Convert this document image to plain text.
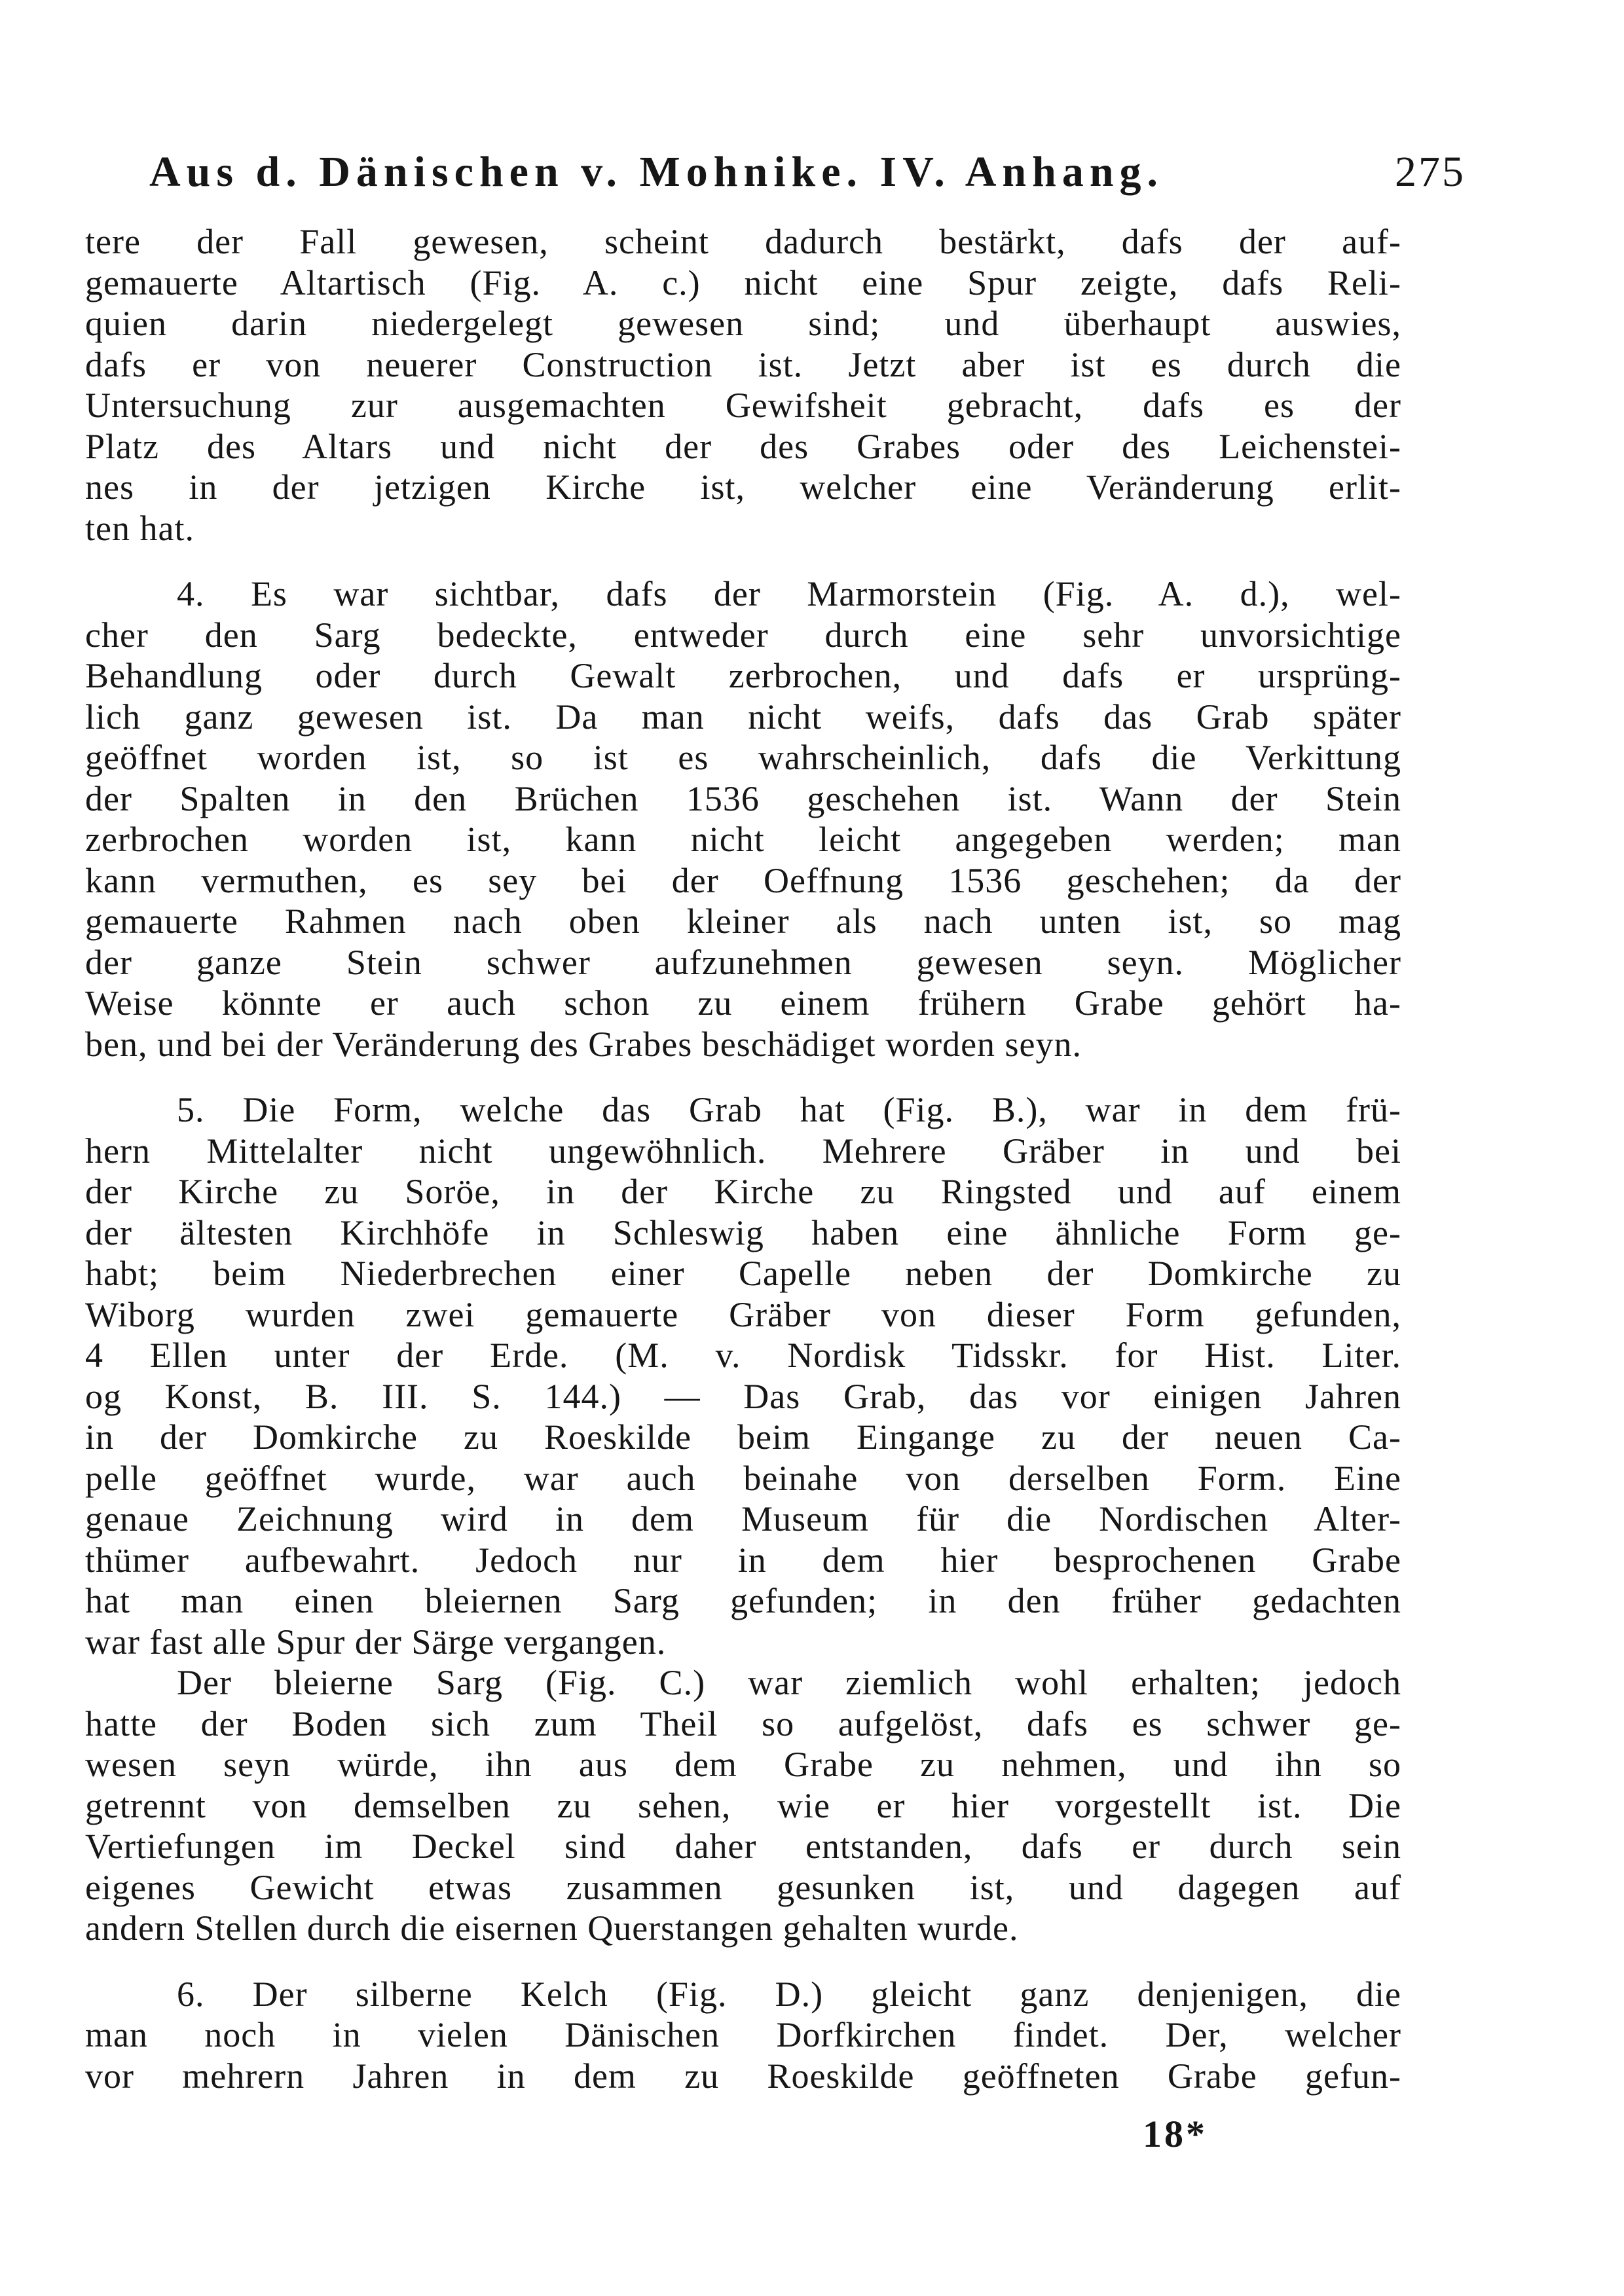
Aus d. Dänischen v. Mohnike. IV. Anhang.	275
tere der Fall gewesen, scheint dadurch bestärkt, dafs der auf-
gemauerte Altartisch (Fig. A. c.) nicht eine Spur zeigte, dafs Reli-
quien darin niedergelegt gewesen sind; und überhaupt auswies,
dafs er von neuerer Construction ist. Jetzt aber ist es durch die
Untersuchung zur ausgemachten Gewifsheit gebracht, dafs es der
Platz des Altars und nicht der des Grabes oder des Leichenstei-
nes in der jetzigen Kirche ist, welcher eine Veränderung erlit-
ten hat.
4. Es war sichtbar, dafs der Marmorstein (Fig. A. d.), wel-
cher den Sarg bedeckte, entweder durch eine sehr unvorsichtige
Behandlung oder durch Gewalt zerbrochen, und dafs er ursprüng-
lich ganz gewesen ist. Da man nicht weifs, dafs das Grab später
geöffnet worden ist, so ist es wahrscheinlich, dafs die Verkittung
der Spalten in den Brüchen 1536 geschehen ist. Wann der Stein
zerbrochen worden ist, kann nicht leicht angegeben werden; man
kann vermuthen, es sey bei der Oeffnung 1536 geschehen; da der
gemauerte Rahmen nach oben kleiner als nach unten ist, so mag
der ganze Stein schwer aufzunehmen gewesen seyn. Möglicher
Weise könnte er auch schon zu einem frühern Grabe gehört ha-
ben, und bei der Veränderung des Grabes beschädiget worden seyn.
5. Die Form, welche das Grab hat (Fig. B.), war in dem frü-
hern Mittelalter nicht ungewöhnlich. Mehrere Gräber in und bei
der Kirche zu Soröe, in der Kirche zu Ringsted und auf einem
der ältesten Kirchhöfe in Schleswig haben eine ähnliche Form ge-
habt; beim Niederbrechen einer Capelle neben der Domkirche zu
Wiborg wurden zwei gemauerte Gräber von dieser Form gefunden,
4 Ellen unter der Erde. (M. v. Nordisk Tidsskr. for Hist. Liter.
og Konst, B. III. S. 144.) — Das Grab, das vor einigen Jahren
in der Domkirche zu Roeskilde beim Eingange zu der neuen Ca-
pelle geöffnet wurde, war auch beinahe von derselben Form. Eine
genaue Zeichnung wird in dem Museum für die Nordischen Alter-
thümer aufbewahrt. Jedoch nur in dem hier besprochenen Grabe
hat man einen bleiernen Sarg gefunden; in den früher gedachten
war fast alle Spur der Särge vergangen.
Der bleierne Sarg (Fig. C.) war ziemlich wohl erhalten; jedoch
hatte der Boden sich zum Theil so aufgelöst, dafs es schwer ge-
wesen seyn würde, ihn aus dem Grabe zu nehmen, und ihn so
getrennt von demselben zu sehen, wie er hier vorgestellt ist. Die
Vertiefungen im Deckel sind daher entstanden, dafs er durch sein
eigenes Gewicht etwas zusammen gesunken ist, und dagegen auf
andern Stellen durch die eisernen Querstangen gehalten wurde.
6. Der silberne Kelch (Fig. D.) gleicht ganz denjenigen, die
man noch in vielen Dänischen Dorfkirchen findet. Der, welcher
vor mehrern Jahren in dem zu Roeskilde geöffneten Grabe gefun-
18*
